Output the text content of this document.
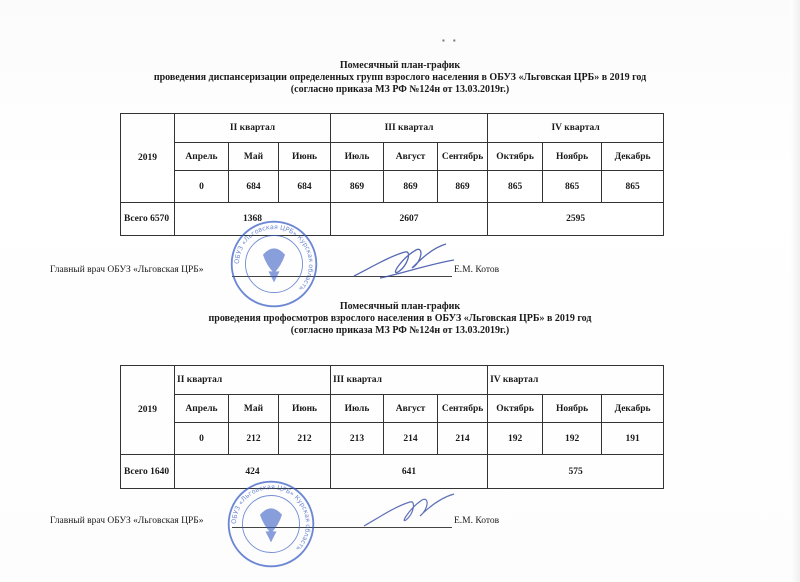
▪ ▪
Помесячный план-график
проведения диспансеризации определенных групп взрослого населения в ОБУЗ «Льговская ЦРБ» в 2019 год
(согласно приказа МЗ РФ №124н от 13.03.2019г.)
2019	II квартал			III квартал			IV квартал		
	Апрель	Май	Июнь	Июль	Август	Сентябрь	Октябрь	Ноябрь	Декабрь
	0	684	684	869	869	869	865	865	865
Всего 6570	1368			2607			2595		
Главный врач ОБУЗ «Льговская ЦРБ»	Е.М. Котов
ОБУЗ «Льговская ЦРБ» Курская область
Помесячный план-график
проведения профосмотров взрослого населения в ОБУЗ «Льговская ЦРБ» в 2019 год
(согласно приказа МЗ РФ №124н от 13.03.2019г.)
2019	II квартал			III квартал			IV квартал		
	Апрель	Май	Июнь	Июль	Август	Сентябрь	Октябрь	Ноябрь	Декабрь
	0	212	212	213	214	214	192	192	191
Всего 1640	424			641			575		
Главный врач ОБУЗ «Льговская ЦРБ»	Е.М. Котов
ОБУЗ «Льговская ЦРБ» Курская область
